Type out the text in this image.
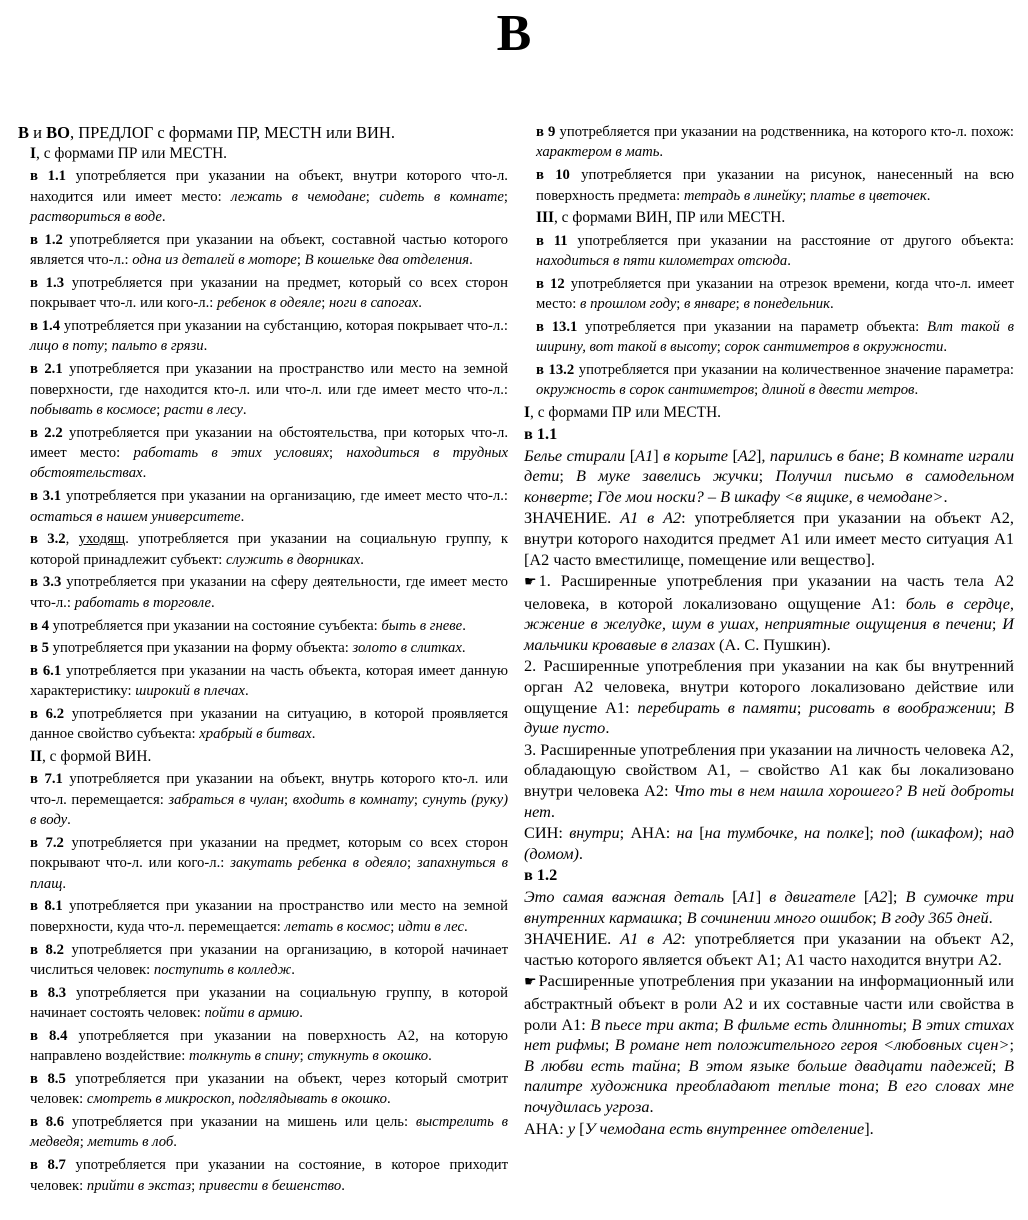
В

В и ВО, ПРЕДЛОГ с формами ПР, МЕСТН или ВИН.

I, с формами ПР или МЕСТН.

в 1.1 употребляется при указании на объект, внутри которого что-л. находится или имеет место: лежать в чемодане; сидеть в комнате; раствориться в воде.

в 1.2 употребляется при указании на объект, составной частью которого является что-л.: одна из деталей в моторе; В кошельке два отделения.

в 1.3 употребляется при указании на предмет, который со всех сторон покрывает что-л. или кого-л.: ребенок в одеяле; ноги в сапогах.

в 1.4 употребляется при указании на субстанцию, которая покрывает что-л.: лицо в поту; пальто в грязи.

в 2.1 употребляется при указании на пространство или место на земной поверхности, где находится кто-л. или что-л. или где имеет место что-л.: побывать в космосе; расти в лесу.

в 2.2 употребляется при указании на обстоятельства, при которых что-л. имеет место: работать в этих условиях; находиться в трудных обстоятельствах.

в 3.1 употребляется при указании на организацию, где имеет место что-л.: остаться в нашем университете.

в 3.2, уходящ. употребляется при указании на социальную группу, к которой принадлежит субъект: служить в дворниках.

в 3.3 употребляется при указании на сферу деятельности, где имеет место что-л.: работать в торговле.

в 4 употребляется при указании на состояние суъбекта: быть в гневе.

в 5 употребляется при указании на форму объекта: золото в слитках.

в 6.1 употребляется при указании на часть объекта, которая имеет данную характеристику: широкий в плечах.

в 6.2 употребляется при указании на ситуацию, в которой проявляется данное свойство субъекта: храбрый в битвах.

II, с формой ВИН.

в 7.1 употребляется при указании на объект, внутрь которого кто-л. или что-л. перемещается: забраться в чулан; входить в комнату; сунуть (руку) в воду.

в 7.2 употребляется при указании на предмет, которым со всех сторон покрывают что-л. или кого-л.: закутать ребенка в одеяло; запахнуться в плащ.

в 8.1 употребляется при указании на пространство или место на земной поверхности, куда что-л. перемещается: летать в космос; идти в лес.

в 8.2 употребляется при указании на организацию, в которой начинает числиться человек: поступить в колледж.

в 8.3 употребляется при указании на социальную группу, в которой начинает состоять человек: пойти в армию.

в 8.4 употребляется при указании на поверхность А2, на которую направлено воздействие: толкнуть в спину; стукнуть в окошко.

в 8.5 употребляется при указании на объект, через который смотрит человек: смотреть в микроскоп, подглядывать в окошко.

в 8.6 употребляется при указании на мишень или цель: выстрелить в медведя; метить в лоб.

в 8.7 употребляется при указании на состояние, в которое приходит человек: прийти в экстаз; привести в бешенство.

в 9 употребляется при указании на родственника, на которого кто-л. похож: характером в мать.

в 10 употребляется при указании на рисунок, нанесенный на всю поверхность предмета: тетрадь в линейку; платье в цветочек.

III, с формами ВИН, ПР или МЕСТН.

в 11 употребляется при указании на расстояние от другого объекта: находиться в пяти километрах отсюда.

в 12 употребляется при указании на отрезок времени, когда что-л. имеет место: в прошлом году; в январе; в понедельник.

в 13.1 употребляется при указании на параметр объекта: Влт такой в ширину, вот такой в высоту; сорок сантиметров в окружности.

в 13.2 употребляется при указании на количественное значение параметра: окружность в сорок сантиметров; длиной в двести метров.

I, с формами ПР или МЕСТН.

в 1.1

Белье стирали [А1] в корыте [А2], парились в бане; В комнате играли дети; В муке завелись жучки; Получил письмо в самодельном конверте; Где мои носки? – В шкафу <в ящике, в чемодане>.

ЗНАЧЕНИЕ. А1 в А2: употребляется при указании на объект А2, внутри которого находится предмет А1 или имеет место ситуация А1 [А2 часто вместилище, помещение или вещество].

☛ 1. Расширенные употребления при указании на часть тела А2 человека, в которой локализовано ощущение А1: боль в сердце, жжение в желудке, шум в ушах, неприятные ощущения в печени; И мальчики кровавые в глазах (А. С. Пушкин).

2. Расширенные употребления при указании на как бы внутренний орган А2 человека, внутри которого локализовано действие или ощущение А1: перебирать в памяти; рисовать в воображении; В душе пусто.

3. Расширенные употребления при указании на личность человека А2, обладающую свойством А1, – свойство А1 как бы локализовано внутри человека А2: Что ты в нем нашла хорошего? В ней доброты нет.

СИН: внутри; АНА: на [на тумбочке, на полке]; под (шкафом); над (домом).

в 1.2

Это самая важная деталь [А1] в двигателе [А2]; В сумочке три внутренних кармашка; В сочинении много ошибок; В году 365 дней.

ЗНАЧЕНИЕ. А1 в А2: употребляется при указании на объект А2, частью которого является объект А1; А1 часто находится внутри А2.

☛ Расширенные употребления при указании на информационный или абстрактный объект в роли А2 и их составные части или свойства в роли А1: В пьесе три акта; В фильме есть длинноты; В этих стихах нет рифмы; В романе нет положительного героя <любовных сцен>; В любви есть тайна; В этом языке больше двадцати падежей; В палитре художника преобладают теплые тона; В его словах мне почудилась угроза.

АНА: у [У чемодана есть внутреннее отделение].
